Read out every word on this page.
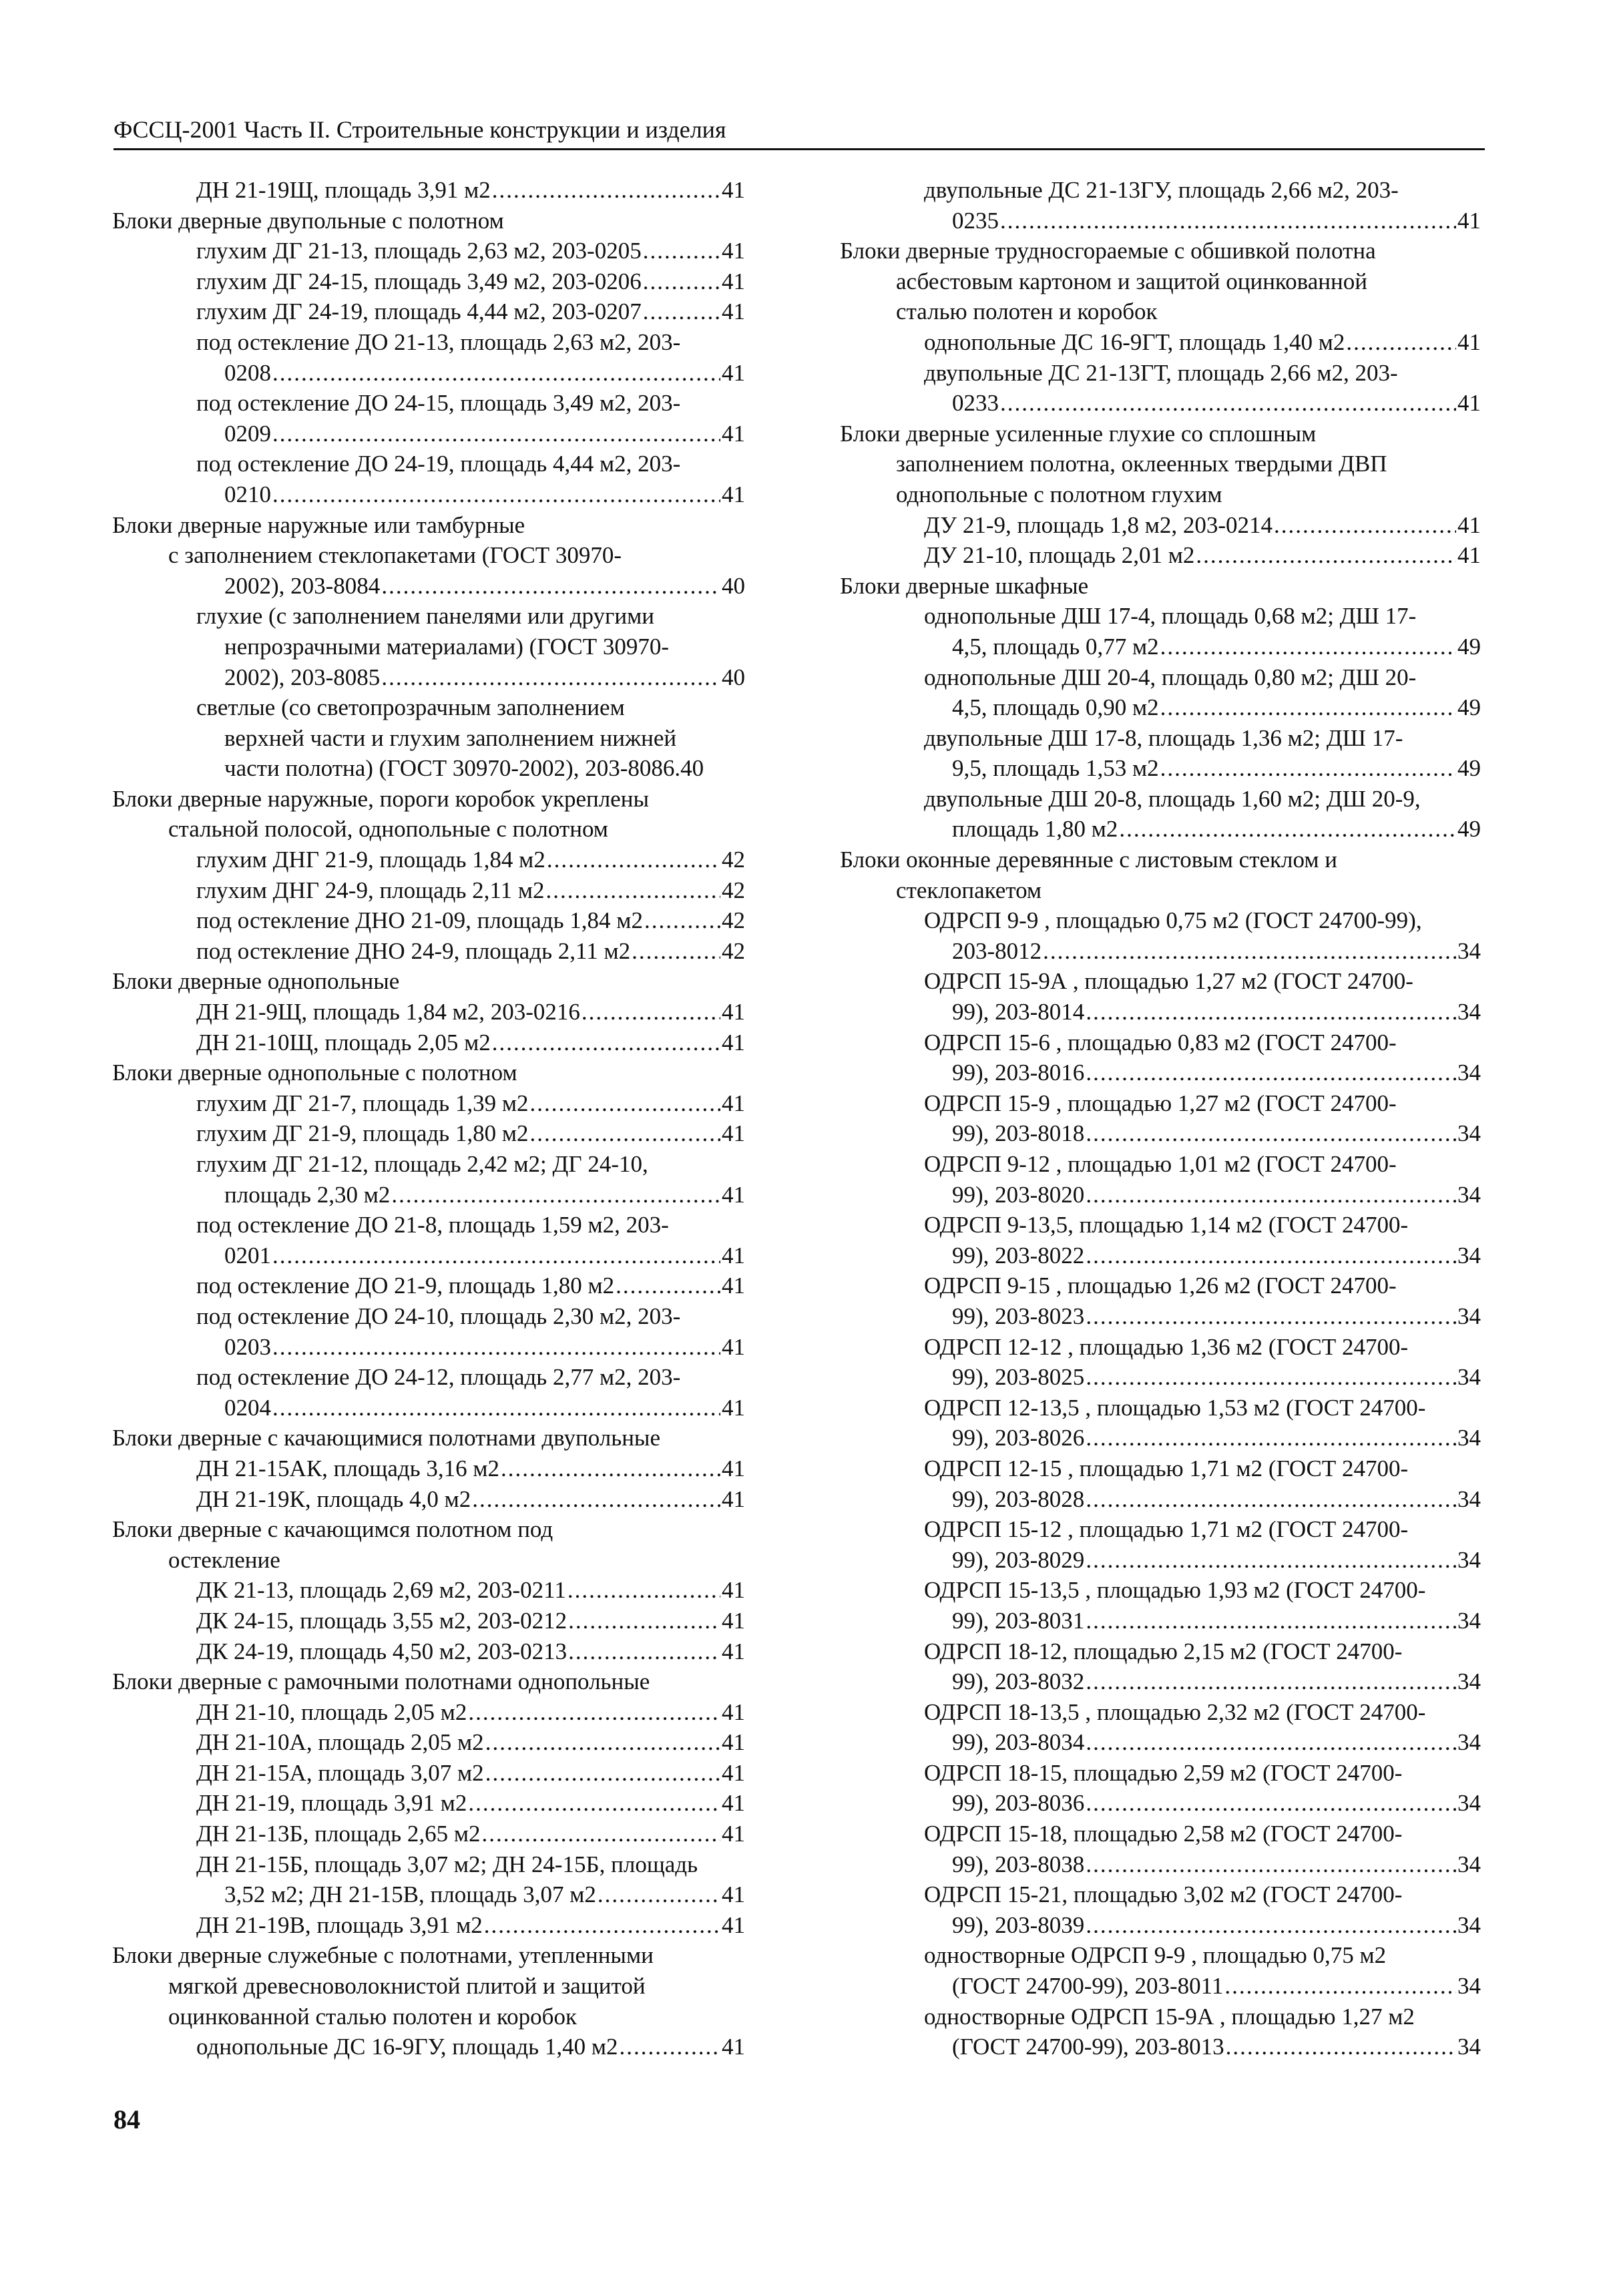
ФССЦ-2001 Часть II. Строительные конструкции и изделия
ДН 21-19Щ, площадь 3,91 м2 .....	41
Блоки дверные двупольные с полотном
глухим ДГ 21-13, площадь 2,63 м2, 203-0205 .....	41
глухим ДГ 24-15, площадь 3,49 м2, 203-0206 .....	41
глухим ДГ 24-19, площадь 4,44 м2, 203-0207 .....	41
под остекление ДО 21-13, площадь 2,63 м2, 203-
0208 .....	41
под остекление ДО 24-15, площадь 3,49 м2, 203-
0209 .....	41
под остекление ДО 24-19, площадь 4,44 м2, 203-
0210 .....	41
Блоки дверные наружные или тамбурные
с заполнением стеклопакетами (ГОСТ 30970-
2002), 203-8084 .....	40
глухие (с заполнением панелями или другими
непрозрачными материалами) (ГОСТ 30970-
2002), 203-8085 .....	40
светлые (со светопрозрачным заполнением
верхней части и глухим заполнением нижней
части полотна) (ГОСТ 30970-2002), 203-8086.40
Блоки дверные наружные, пороги коробок укреплены
стальной полосой, однопольные с полотном
глухим ДНГ 21-9, площадь 1,84 м2 .....	42
глухим ДНГ 24-9, площадь 2,11 м2 .....	42
под остекление ДНО 21-09, площадь 1,84 м2 .....	42
под остекление ДНО 24-9, площадь 2,11 м2 .....	42
Блоки дверные однопольные
ДН 21-9Щ, площадь 1,84 м2, 203-0216 .....	41
ДН 21-10Щ, площадь 2,05 м2 .....	41
Блоки дверные однопольные с полотном
глухим ДГ 21-7, площадь 1,39 м2 .....	41
глухим ДГ 21-9, площадь 1,80 м2 .....	41
глухим ДГ 21-12, площадь 2,42 м2; ДГ 24-10,
площадь 2,30 м2 .....	41
под остекление ДО 21-8, площадь 1,59 м2, 203-
0201 .....	41
под остекление ДО 21-9, площадь 1,80 м2 .....	41
под остекление ДО 24-10, площадь 2,30 м2, 203-
0203 .....	41
под остекление ДО 24-12, площадь 2,77 м2, 203-
0204 .....	41
Блоки дверные с качающимися полотнами двупольные
ДН 21-15АК, площадь 3,16 м2 .....	41
ДН 21-19К, площадь 4,0 м2 .....	41
Блоки дверные с качающимся полотном под
остекление
ДК 21-13, площадь 2,69 м2, 203-0211 .....	41
ДК 24-15, площадь 3,55 м2, 203-0212 .....	41
ДК 24-19, площадь 4,50 м2, 203-0213 .....	41
Блоки дверные с рамочными полотнами однопольные
ДН 21-10, площадь 2,05 м2 .....	41
ДН 21-10А, площадь 2,05 м2 .....	41
ДН 21-15А, площадь 3,07 м2 .....	41
ДН 21-19, площадь 3,91 м2 .....	41
ДН 21-13Б, площадь 2,65 м2 .....	41
ДН 21-15Б, площадь 3,07 м2; ДН 24-15Б, площадь
3,52 м2; ДН 21-15В, площадь 3,07 м2 .....	41
ДН 21-19В, площадь 3,91 м2 .....	41
Блоки дверные служебные с полотнами, утепленными
мягкой древесноволокнистой плитой и защитой
оцинкованной сталью полотен и коробок
однопольные ДС 16-9ГУ, площадь 1,40 м2 .....	41
двупольные ДС 21-13ГУ, площадь 2,66 м2, 203-
0235 .....	41
Блоки дверные трудносгораемые с обшивкой полотна
асбестовым картоном и защитой оцинкованной
сталью полотен и коробок
однопольные ДС 16-9ГТ, площадь 1,40 м2 .....	41
двупольные ДС 21-13ГТ, площадь 2,66 м2, 203-
0233 .....	41
Блоки дверные усиленные глухие со сплошным
заполнением полотна, оклеенных твердыми ДВП
однопольные с полотном глухим
ДУ 21-9, площадь 1,8 м2, 203-0214 .....	41
ДУ 21-10, площадь 2,01 м2 .....	41
Блоки дверные шкафные
однопольные ДШ 17-4, площадь 0,68 м2; ДШ 17-
4,5, площадь 0,77 м2 .....	49
однопольные ДШ 20-4, площадь 0,80 м2; ДШ 20-
4,5, площадь 0,90 м2 .....	49
двупольные ДШ 17-8, площадь 1,36 м2; ДШ 17-
9,5, площадь 1,53 м2 .....	49
двупольные ДШ 20-8, площадь 1,60 м2; ДШ 20-9,
площадь 1,80 м2 .....	49
Блоки оконные деревянные с листовым стеклом и
стеклопакетом
ОДРСП 9-9 , площадью 0,75 м2 (ГОСТ 24700-99),
203-8012 .....	34
ОДРСП 15-9А , площадью 1,27 м2 (ГОСТ 24700-
99), 203-8014 .....	34
ОДРСП 15-6 , площадью 0,83 м2 (ГОСТ 24700-
99), 203-8016 .....	34
ОДРСП 15-9 , площадью 1,27 м2 (ГОСТ 24700-
99), 203-8018 .....	34
ОДРСП 9-12 , площадью 1,01 м2 (ГОСТ 24700-
99), 203-8020 .....	34
ОДРСП 9-13,5, площадью 1,14 м2 (ГОСТ 24700-
99), 203-8022 .....	34
ОДРСП 9-15 , площадью 1,26 м2 (ГОСТ 24700-
99), 203-8023 .....	34
ОДРСП 12-12 , площадью 1,36 м2 (ГОСТ 24700-
99), 203-8025 .....	34
ОДРСП 12-13,5 , площадью 1,53 м2 (ГОСТ 24700-
99), 203-8026 .....	34
ОДРСП 12-15 , площадью 1,71 м2 (ГОСТ 24700-
99), 203-8028 .....	34
ОДРСП 15-12 , площадью 1,71 м2 (ГОСТ 24700-
99), 203-8029 .....	34
ОДРСП 15-13,5 , площадью 1,93 м2 (ГОСТ 24700-
99), 203-8031 .....	34
ОДРСП 18-12, площадью 2,15 м2 (ГОСТ 24700-
99), 203-8032 .....	34
ОДРСП 18-13,5 , площадью 2,32 м2 (ГОСТ 24700-
99), 203-8034 .....	34
ОДРСП 18-15, площадью 2,59 м2 (ГОСТ 24700-
99), 203-8036 .....	34
ОДРСП 15-18, площадью 2,58 м2 (ГОСТ 24700-
99), 203-8038 .....	34
ОДРСП 15-21, площадью 3,02 м2 (ГОСТ 24700-
99), 203-8039 .....	34
одностворные ОДРСП 9-9 , площадью 0,75 м2
(ГОСТ 24700-99), 203-8011 .....	34
одностворные ОДРСП 15-9А , площадью 1,27 м2
(ГОСТ 24700-99), 203-8013 .....	34
84
